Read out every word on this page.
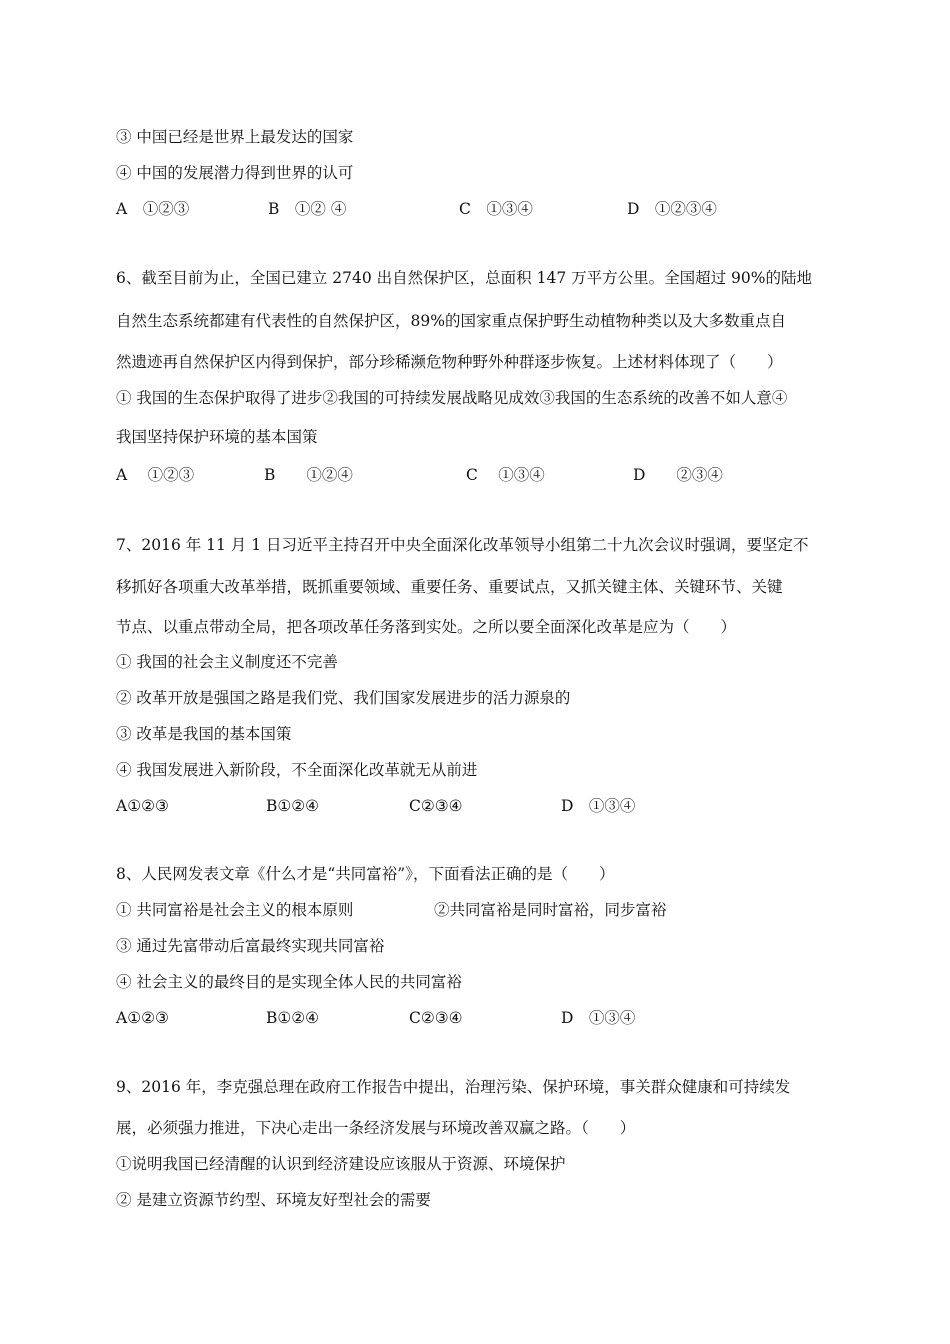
③ 中国已经是世界上最发达的国家
④ 中国的发展潜力得到世界的认可
A　①②③	B　①② ④	C　①③④	D　①②③④
6、截至目前为止，全国已建立 2740 出自然保护区，总面积 147 万平方公里。全国超过 90%的陆地
自然生态系统都建有代表性的自然保护区，89%的国家重点保护野生动植物种类以及大多数重点自
然遗迹再自然保护区内得到保护，部分珍稀濒危物种野外种群逐步恢复。上述材料体现了（　　）
① 我国的生态保护取得了进步②我国的可持续发展战略见成效③我国的生态系统的改善不如人意④
我国坚持保护环境的基本国策
A　 ①②③	B　　①②④	C　 ①③④	D　　②③④
7、2016 年 11 月 1 日习近平主持召开中央全面深化改革领导小组第二十九次会议时强调，要坚定不
移抓好各项重大改革举措，既抓重要领域、重要任务、重要试点，又抓关键主体、关键环节、关键
节点、以重点带动全局，把各项改革任务落到实处。之所以要全面深化改革是应为（　　）
① 我国的社会主义制度还不完善
② 改革开放是强国之路是我们党、我们国家发展进步的活力源泉的
③ 改革是我国的基本国策
④ 我国发展进入新阶段，不全面深化改革就无从前进
A①②③	B①②④	C②③④	D　①③④
8、人民网发表文章《什么才是“共同富裕”》，下面看法正确的是（　　）
① 共同富裕是社会主义的根本原则	②共同富裕是同时富裕，同步富裕
③ 通过先富带动后富最终实现共同富裕
④ 社会主义的最终目的是实现全体人民的共同富裕
A①②③	B①②④	C②③④	D　①③④
9、2016 年，李克强总理在政府工作报告中提出，治理污染、保护环境，事关群众健康和可持续发
展，必须强力推进，下决心走出一条经济发展与环境改善双赢之路。（　　）
①说明我国已经清醒的认识到经济建设应该服从于资源、环境保护
② 是建立资源节约型、环境友好型社会的需要
